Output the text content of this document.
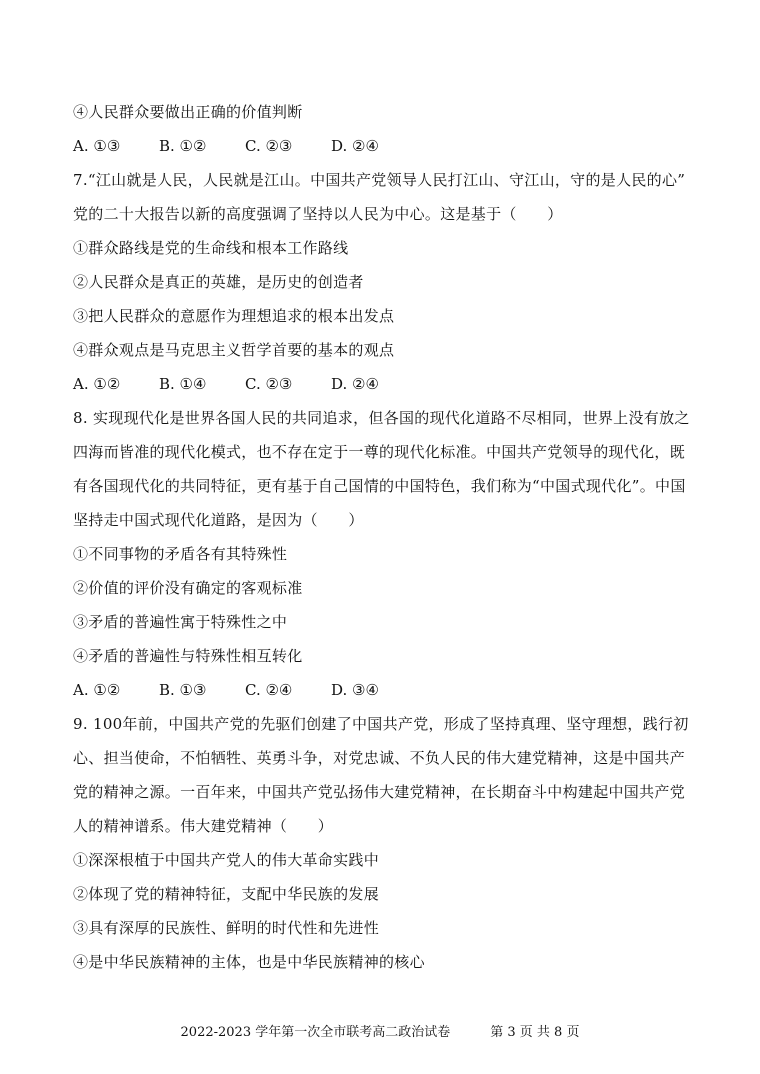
④人民群众要做出正确的价值判断
A. ①③	B. ①②	C. ②③	D. ②④
7.“江山就是人民，人民就是江山。中国共产党领导人民打江山、守江山，守的是人民的心”
党的二十大报告以新的高度强调了坚持以人民为中心。这是基于（　　）
①群众路线是党的生命线和根本工作路线
②人民群众是真正的英雄，是历史的创造者
③把人民群众的意愿作为理想追求的根本出发点
④群众观点是马克思主义哲学首要的基本的观点
A. ①②	B. ①④	C. ②③	D. ②④
8. 实现现代化是世界各国人民的共同追求，但各国的现代化道路不尽相同，世界上没有放之
四海而皆准的现代化模式，也不存在定于一尊的现代化标准。中国共产党领导的现代化，既
有各国现代化的共同特征，更有基于自己国情的中国特色，我们称为“中国式现代化”。中国
坚持走中国式现代化道路，是因为（　　）
①不同事物的矛盾各有其特殊性
②价值的评价没有确定的客观标准
③矛盾的普遍性寓于特殊性之中
④矛盾的普遍性与特殊性相互转化
A. ①②	B. ①③	C. ②④	D. ③④
9. 100年前，中国共产党的先驱们创建了中国共产党，形成了坚持真理、坚守理想，践行初
心、担当使命，不怕牺牲、英勇斗争，对党忠诚、不负人民的伟大建党精神，这是中国共产
党的精神之源。一百年来，中国共产党弘扬伟大建党精神，在长期奋斗中构建起中国共产党
人的精神谱系。伟大建党精神（　　）
①深深根植于中国共产党人的伟大革命实践中
②体现了党的精神特征，支配中华民族的发展
③具有深厚的民族性、鲜明的时代性和先进性
④是中华民族精神的主体，也是中华民族精神的核心
2022-2023 学年第一次全市联考高二政治试卷	第 3 页 共 8 页
